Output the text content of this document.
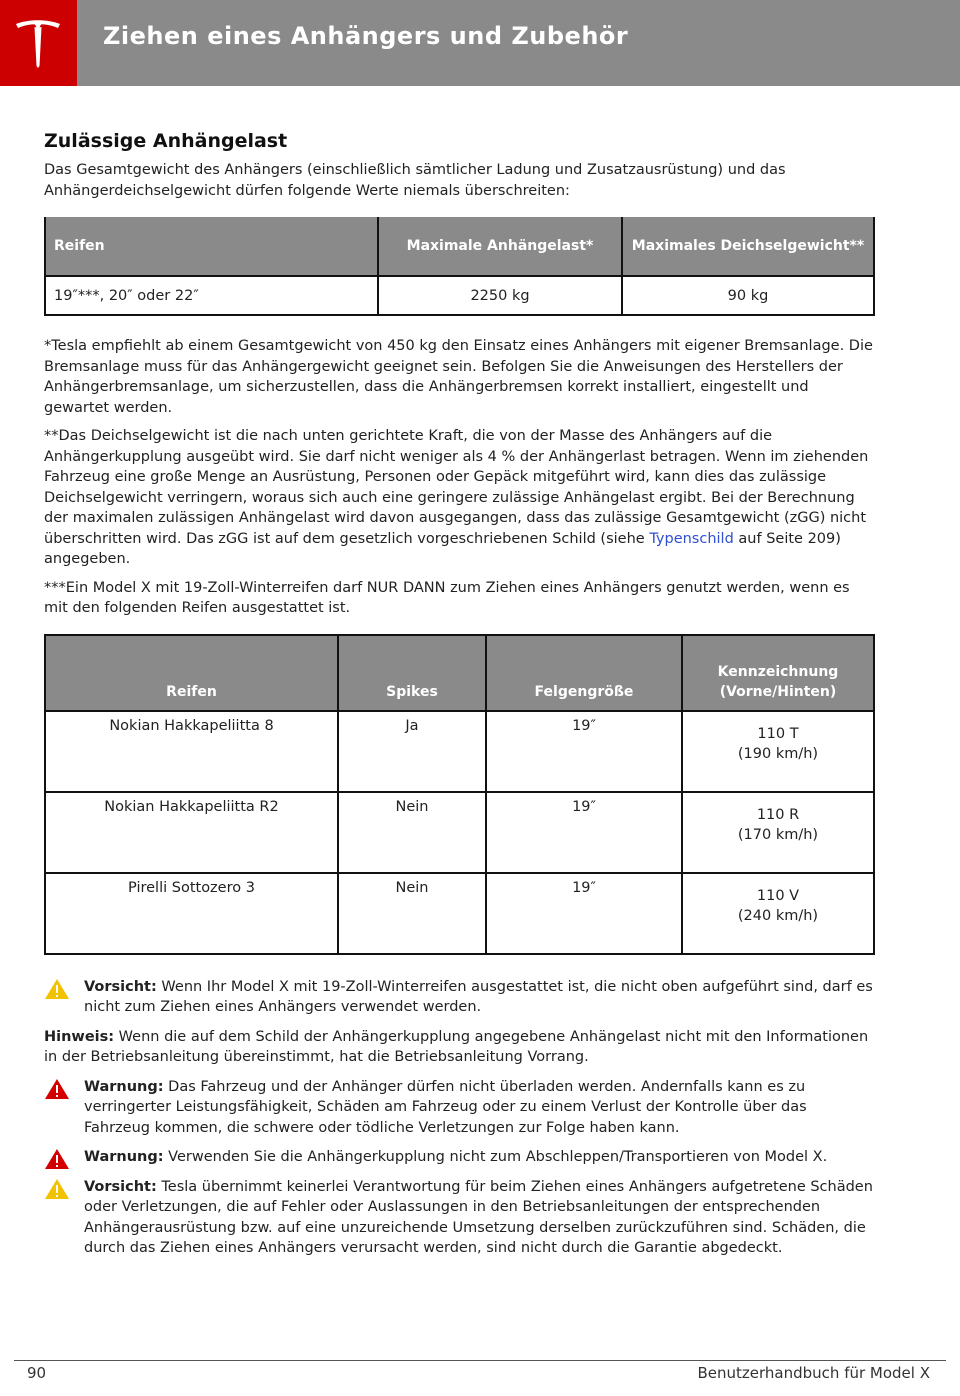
Ziehen eines Anhängers und Zubehör
Zulässige Anhängelast

Das Gesamtgewicht des Anhängers (einschließlich sämtlicher Ladung und Zusatzausrüstung) und das Anhängerdeichselgewicht dürfen folgende Werte niemals überschreiten:

Reifen	Maximale Anhängelast*	Maximales Deichselgewicht**
19″***, 20″ oder 22″	2250 kg	90 kg

*Tesla empfiehlt ab einem Gesamtgewicht von 450 kg den Einsatz eines Anhängers mit eigener Bremsanlage. Die Bremsanlage muss für das Anhängergewicht geeignet sein. Befolgen Sie die Anweisungen des Herstellers der Anhängerbremsanlage, um sicherzustellen, dass die Anhängerbremsen korrekt installiert, eingestellt und gewartet werden.

**Das Deichselgewicht ist die nach unten gerichtete Kraft, die von der Masse des Anhängers auf die Anhängerkupplung ausgeübt wird. Sie darf nicht weniger als 4 % der Anhängerlast betragen. Wenn im ziehenden Fahrzeug eine große Menge an Ausrüstung, Personen oder Gepäck mitgeführt wird, kann dies das zulässige Deichselgewicht verringern, woraus sich auch eine geringere zulässige Anhängelast ergibt. Bei der Berechnung der maximalen zulässigen Anhängelast wird davon ausgegangen, dass das zulässige Gesamtgewicht (zGG) nicht überschritten wird. Das zGG ist auf dem gesetzlich vorgeschriebenen Schild (siehe Typenschild auf Seite 209) angegeben.

***Ein Model X mit 19-Zoll-Winterreifen darf NUR DANN zum Ziehen eines Anhängers genutzt werden, wenn es mit den folgenden Reifen ausgestattet ist.

Reifen	Spikes	Felgengröße	Kennzeichnung (Vorne/Hinten)
Nokian Hakkapeliitta 8	Ja	19″	110 T
(190 km/h)
Nokian Hakkapeliitta R2	Nein	19″	110 R
(170 km/h)
Pirelli Sottozero 3	Nein	19″	110 V
(240 km/h)

Vorsicht: Wenn Ihr Model X mit 19-Zoll-Winterreifen ausgestattet ist, die nicht oben aufgeführt sind, darf es nicht zum Ziehen eines Anhängers verwendet werden.

Hinweis: Wenn die auf dem Schild der Anhängerkupplung angegebene Anhängelast nicht mit den Informationen in der Betriebsanleitung übereinstimmt, hat die Betriebsanleitung Vorrang.

Warnung: Das Fahrzeug und der Anhänger dürfen nicht überladen werden. Andernfalls kann es zu verringerter Leistungsfähigkeit, Schäden am Fahrzeug oder zu einem Verlust der Kontrolle über das Fahrzeug kommen, die schwere oder tödliche Verletzungen zur Folge haben kann.

Warnung: Verwenden Sie die Anhängerkupplung nicht zum Abschleppen/Transportieren von Model X.

Vorsicht: Tesla übernimmt keinerlei Verantwortung für beim Ziehen eines Anhängers aufgetretene Schäden oder Verletzungen, die auf Fehler oder Auslassungen in den Betriebsanleitungen der entsprechenden Anhängerausrüstung bzw. auf eine unzureichende Umsetzung derselben zurückzuführen sind. Schäden, die durch das Ziehen eines Anhängers verursacht werden, sind nicht durch die Garantie abgedeckt.

90	Benutzerhandbuch für Model X
